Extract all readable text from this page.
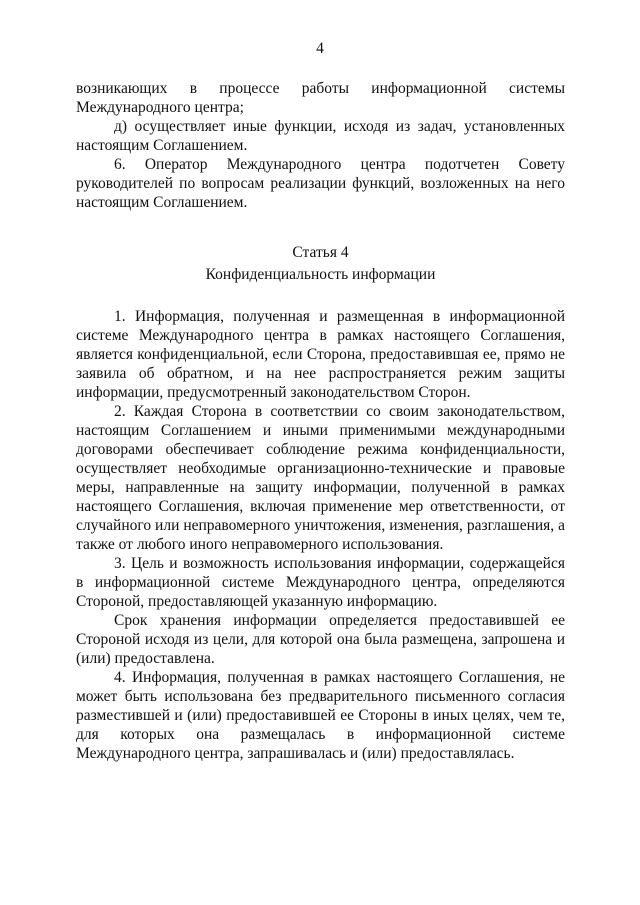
4

возникающих в процессе работы информационной системы Международного центра;

д) осуществляет иные функции, исходя из задач, установленных настоящим Соглашением.

6. Оператор Международного центра подотчетен Совету руководителей по вопросам реализации функций, возложенных на него настоящим Соглашением.

Статья 4

Конфиденциальность информации

1. Информация, полученная и размещенная в информационной системе Международного центра в рамках настоящего Соглашения, является конфиденциальной, если Сторона, предоставившая ее, прямо не заявила об обратном, и на нее распространяется режим защиты информации, предусмотренный законодательством Сторон.

2. Каждая Сторона в соответствии со своим законодательством, настоящим Соглашением и иными применимыми международными договорами обеспечивает соблюдение режима конфиденциальности, осуществляет необходимые организационно-технические и правовые меры, направленные на защиту информации, полученной в рамках настоящего Соглашения, включая применение мер ответственности, от случайного или неправомерного уничтожения, изменения, разглашения, а также от любого иного неправомерного использования.

3. Цель и возможность использования информации, содержащейся в информационной системе Международного центра, определяются Стороной, предоставляющей указанную информацию.

Срок хранения информации определяется предоставившей ее Стороной исходя из цели, для которой она была размещена, запрошена и (или) предоставлена.

4. Информация, полученная в рамках настоящего Соглашения, не может быть использована без предварительного письменного согласия разместившей и (или) предоставившей ее Стороны в иных целях, чем те, для которых она размещалась в информационной системе Международного центра, запрашивалась и (или) предоставлялась.
